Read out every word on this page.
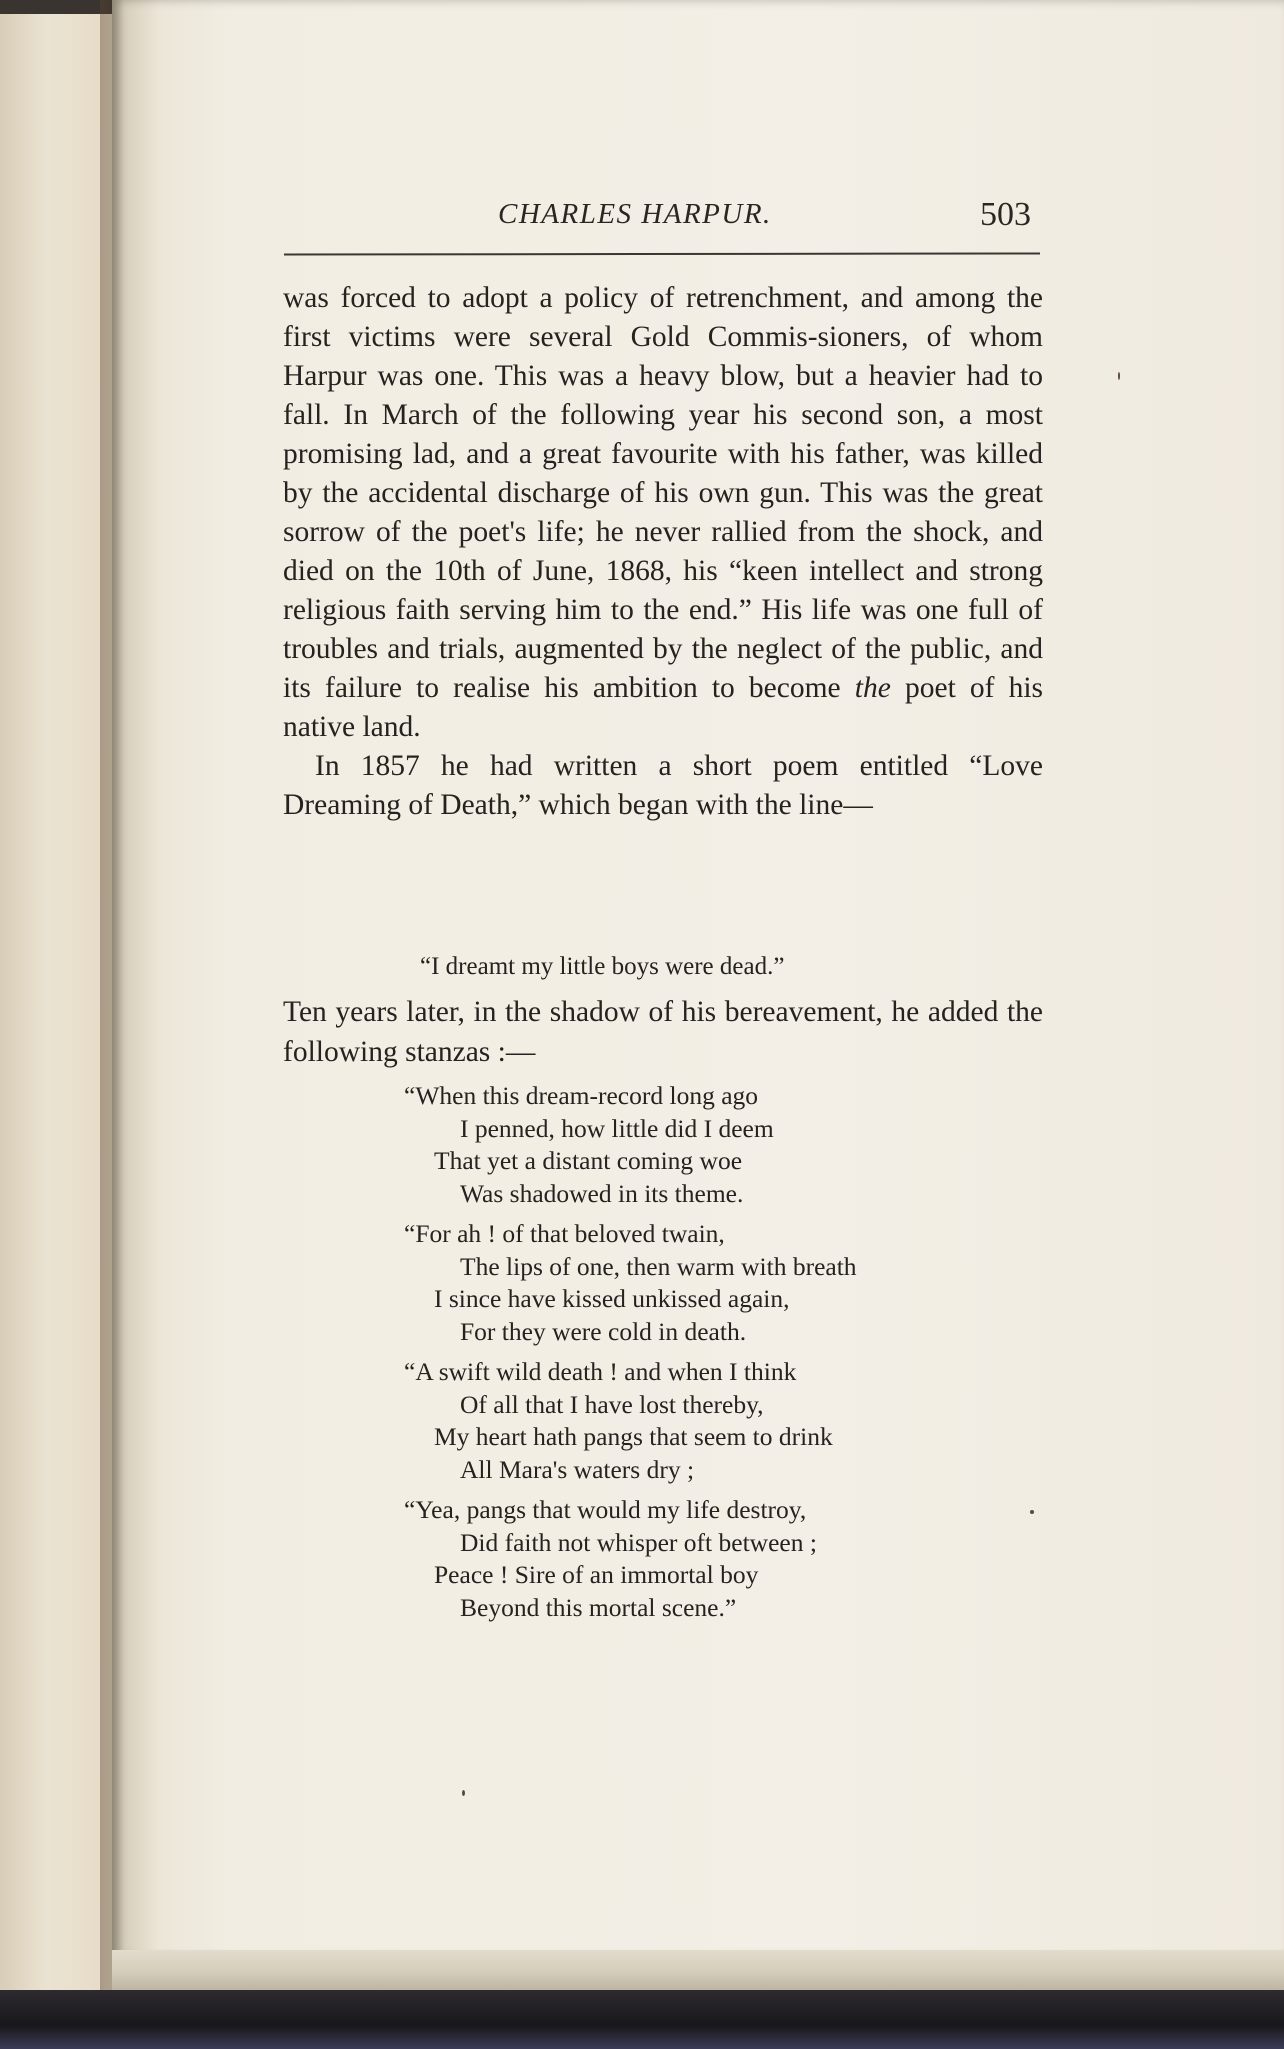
CHARLES HARPUR.	503

was forced to adopt a policy of retrenchment, and among the first victims were several Gold Commis-sioners, of whom Harpur was one. This was a heavy blow, but a heavier had to fall. In March of the following year his second son, a most promising lad, and a great favourite with his father, was killed by the accidental discharge of his own gun. This was the great sorrow of the poet's life; he never rallied from the shock, and died on the 10th of June, 1868, his “keen intellect and strong religious faith serving him to the end.” His life was one full of troubles and trials, augmented by the neglect of the public, and its failure to realise his ambition to become the poet of his native land.

In 1857 he had written a short poem entitled “Love Dreaming of Death,” which began with the line—

“I dreamt my little boys were dead.”

Ten years later, in the shadow of his bereavement, he added the following stanzas :—

“When this dream-record long ago
I penned, how little did I deem
That yet a distant coming woe
Was shadowed in its theme.
“For ah ! of that beloved twain,
The lips of one, then warm with breath
I since have kissed unkissed again,
For they were cold in death.
“A swift wild death ! and when I think
Of all that I have lost thereby,
My heart hath pangs that seem to drink
All Mara's waters dry ;
“Yea, pangs that would my life destroy,
Did faith not whisper oft between ;
Peace ! Sire of an immortal boy
Beyond this mortal scene.”
